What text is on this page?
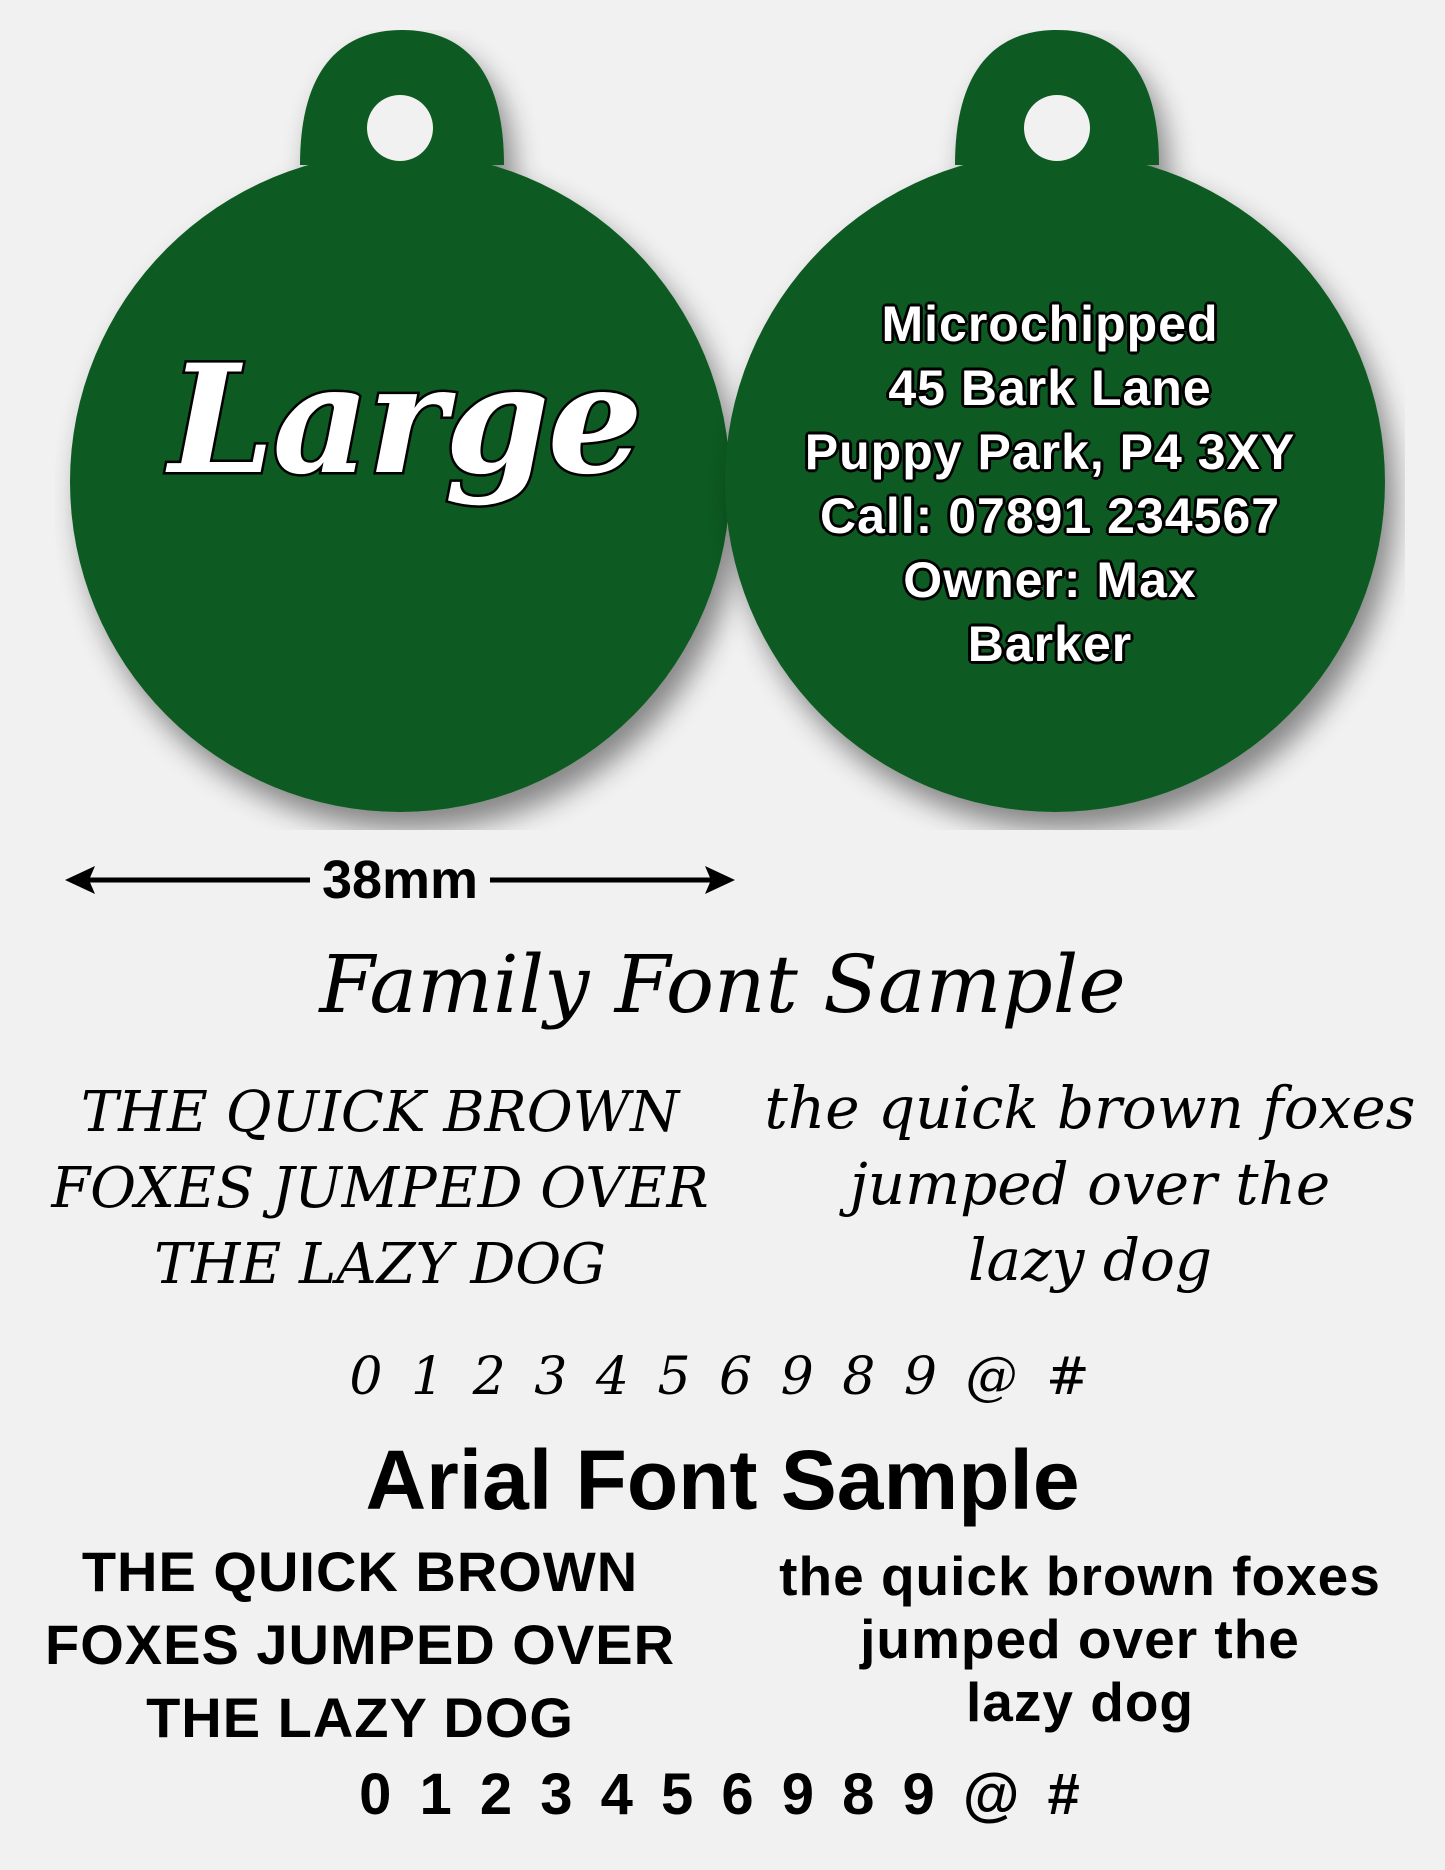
Large
Microchipped
45 Bark Lane
Puppy Park, P4 3XY
Call: 07891 234567
Owner: Max
Barker
38mm
Family Font Sample
THE QUICK BROWN
FOXES JUMPED OVER
THE LAZY DOG
the quick brown foxes
jumped over the
lazy dog
0 1 2 3 4 5 6 9 8 9 @ #
Arial Font Sample
THE QUICK BROWN
FOXES JUMPED OVER
THE LAZY DOG
the quick brown foxes
jumped over the
lazy dog
0 1 2 3 4 5 6 9 8 9 @ #
